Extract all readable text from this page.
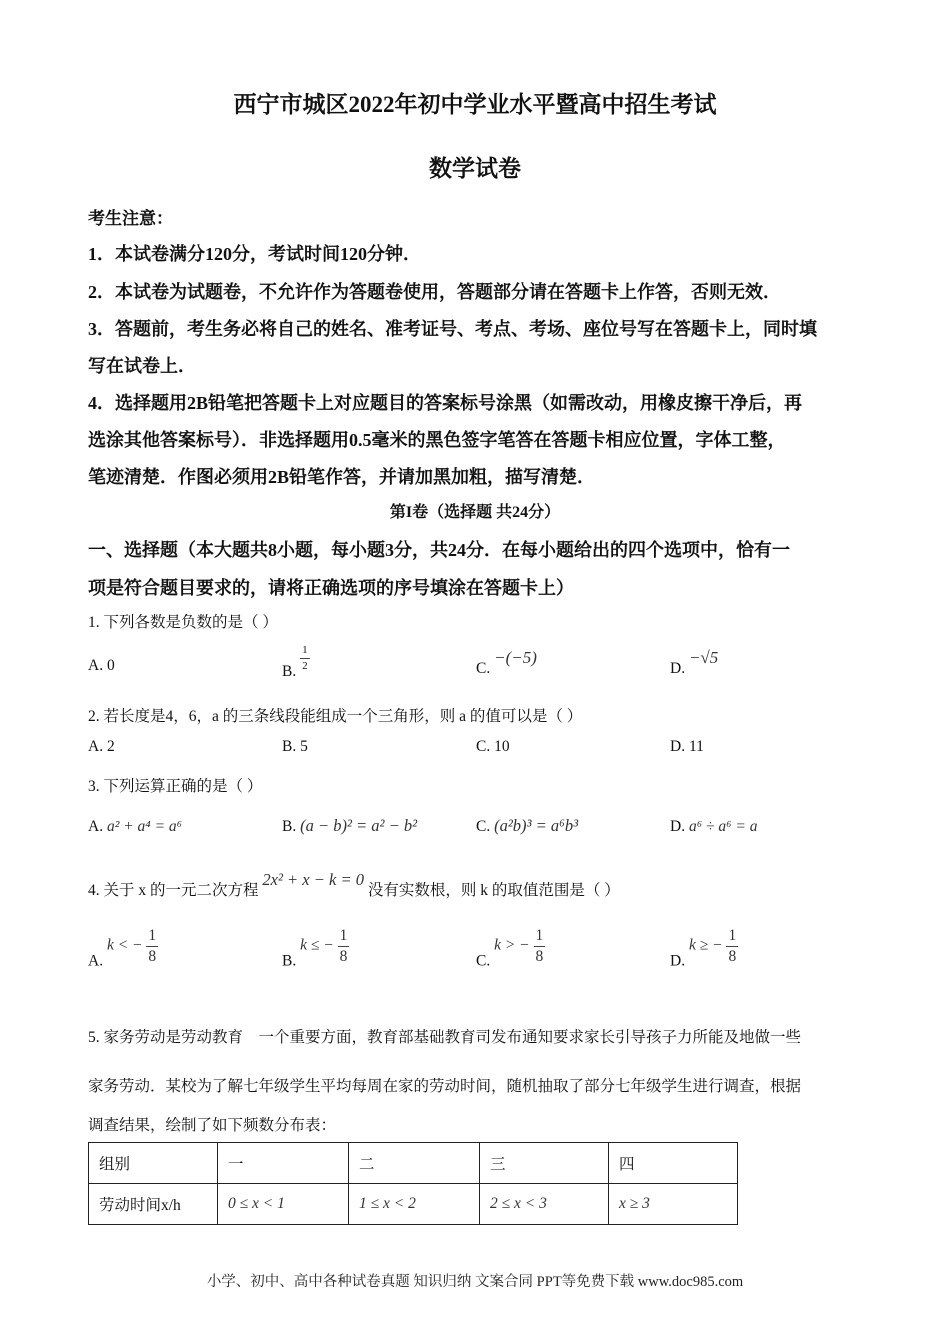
西宁市城区2022年初中学业水平暨高中招生考试
数学试卷
考生注意：
1．本试卷满分120分，考试时间120分钟．
2．本试卷为试题卷，不允许作为答题卷使用，答题部分请在答题卡上作答，否则无效．
3．答题前，考生务必将自己的姓名、准考证号、考点、考场、座位号写在答题卡上，同时填
写在试卷上．
4．选择题用2B铅笔把答题卡上对应题目的答案标号涂黑（如需改动，用橡皮擦干净后，再
选涂其他答案标号）．非选择题用0.5毫米的黑色签字笔答在答题卡相应位置，字体工整，
笔迹清楚．作图必须用2B铅笔作答，并请加黑加粗，描写清楚．
第I卷（选择题 共24分）
一、选择题（本大题共8小题，每小题3分，共24分．在每小题给出的四个选项中，恰有一
项是符合题目要求的，请将正确选项的序号填涂在答题卡上）
1. 下列各数是负数的是（ ）
A. 0	B. $\frac{1}{2}$	C. −(−5)
D. −√5
2. 若长度是4，6，a 的三条线段能组成一个三角形，则 a 的值可以是（ ）
A. 2	B. 5	C. 10	D. 11
3. 下列运算正确的是（ ）
A. a² + a⁴ = a⁶	B. (a − b)² = a² − b²	C. (a²b)³ = a⁶b³	D. a⁶ ÷ a⁶ = a
4. 关于 x 的一元二次方程 2x² + x − k = 0 没有实数根，则 k 的取值范围是（ ）
A. k < − $\frac{1}{8}$	B. k ≤ − $\frac{1}{8}$	C. k > − $\frac{1}{8}$	D. k ≥ − $\frac{1}{8}$
5. 家务劳动是劳动教育　一个重要方面，教育部基础教育司发布通知要求家长引导孩子力所能及地做一些
家务劳动．某校为了解七年级学生平均每周在家的劳动时间，随机抽取了部分七年级学生进行调查，根据
调查结果，绘制了如下频数分布表：
组别	一	二	三	四
劳动时间x/h	0 ≤ x < 1	1 ≤ x < 2	2 ≤ x < 3	x ≥ 3
小学、初中、高中各种试卷真题 知识归纳 文案合同 PPT等免费下载 www.doc985.com
